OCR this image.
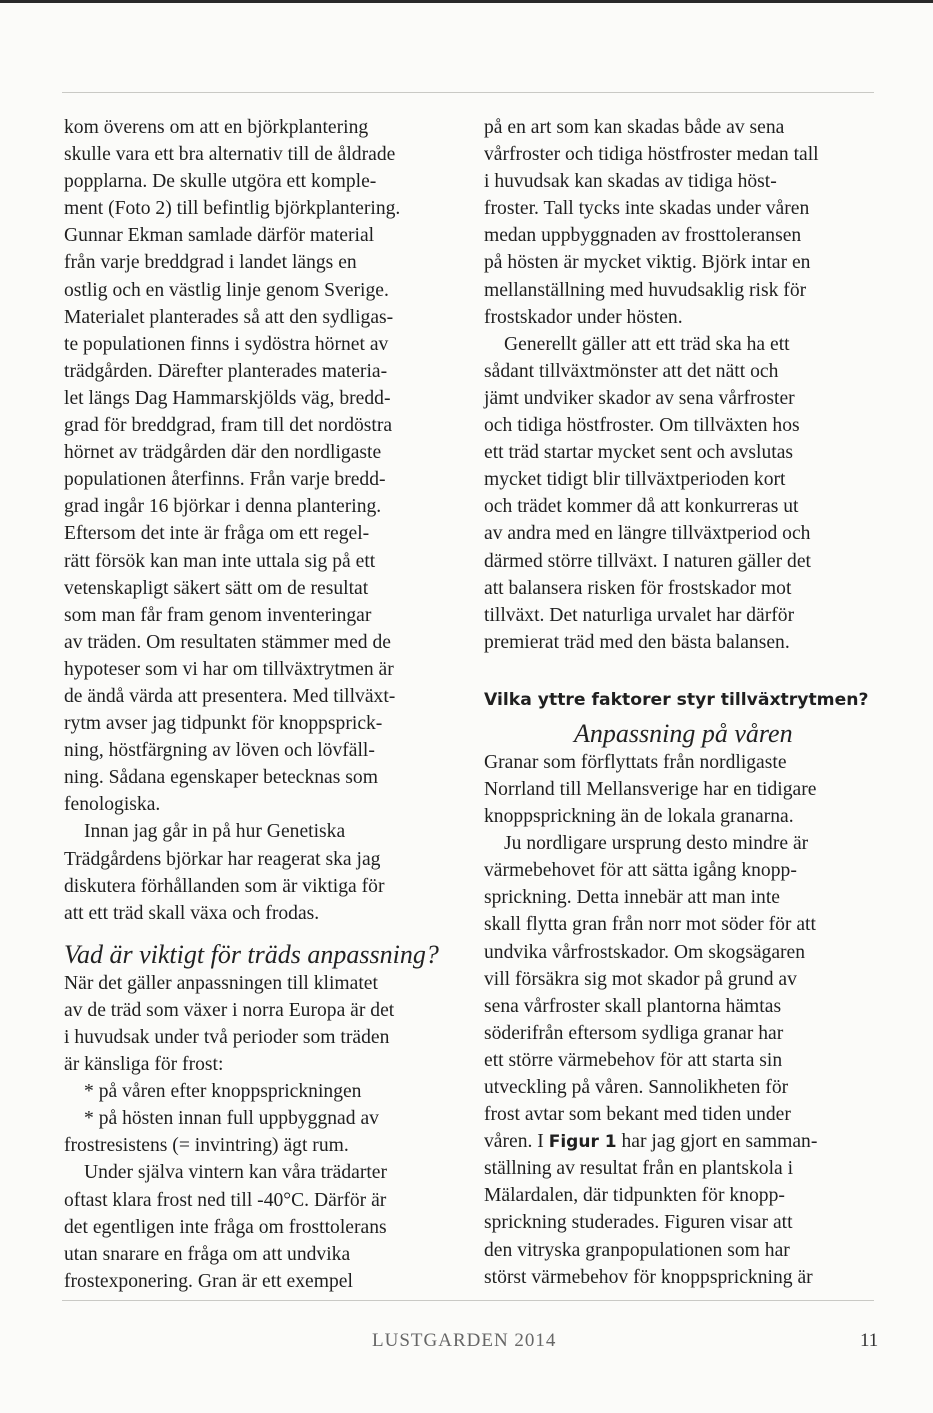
kom överens om att en björkplantering
skulle vara ett bra alternativ till de åldrade
popplarna. De skulle utgöra ett komple-
ment (Foto 2) till befintlig björkplantering.
Gunnar Ekman samlade därför material
från varje breddgrad i landet längs en
ostlig och en västlig linje genom Sverige.
Materialet planterades så att den sydligas-
te populationen finns i sydöstra hörnet av
trädgården. Därefter planterades materia-
let längs Dag Hammarskjölds väg, bredd-
grad för breddgrad, fram till det nordöstra
hörnet av trädgården där den nordligaste
populationen återfinns. Från varje bredd-
grad ingår 16 björkar i denna plantering.
Eftersom det inte är fråga om ett regel-
rätt försök kan man inte uttala sig på ett
vetenskapligt säkert sätt om de resultat
som man får fram genom inventeringar
av träden. Om resultaten stämmer med de
hypoteser som vi har om tillväxtrytmen är
de ändå värda att presentera. Med tillväxt-
rytm avser jag tidpunkt för knoppsprick-
ning, höstfärgning av löven och lövfäll-
ning. Sådana egenskaper betecknas som
fenologiska.
Innan jag går in på hur Genetiska
Trädgårdens björkar har reagerat ska jag
diskutera förhållanden som är viktiga för
att ett träd skall växa och frodas.
Vad är viktigt för träds anpassning?
När det gäller anpassningen till klimatet
av de träd som växer i norra Europa är det
i huvudsak under två perioder som träden
är känsliga för frost:
* på våren efter knoppsprickningen
* på hösten innan full uppbyggnad av
frostresistens (= invintring) ägt rum.
Under själva vintern kan våra trädarter
oftast klara frost ned till -40°C. Därför är
det egentligen inte fråga om frosttolerans
utan snarare en fråga om att undvika
frostexponering. Gran är ett exempel
på en art som kan skadas både av sena
vårfroster och tidiga höstfroster medan tall
i huvudsak kan skadas av tidiga höst-
froster. Tall tycks inte skadas under våren
medan uppbyggnaden av frosttoleransen
på hösten är mycket viktig. Björk intar en
mellanställning med huvudsaklig risk för
frostskador under hösten.
Generellt gäller att ett träd ska ha ett
sådant tillväxtmönster att det nätt och
jämt undviker skador av sena vårfroster
och tidiga höstfroster. Om tillväxten hos
ett träd startar mycket sent och avslutas
mycket tidigt blir tillväxtperioden kort
och trädet kommer då att konkurreras ut
av andra med en längre tillväxtperiod och
därmed större tillväxt. I naturen gäller det
att balansera risken för frostskador mot
tillväxt. Det naturliga urvalet har därför
premierat träd med den bästa balansen.
Vilka yttre faktorer styr tillväxtrytmen?
Anpassning på våren
Granar som förflyttats från nordligaste
Norrland till Mellansverige har en tidigare
knoppsprickning än de lokala granarna.
Ju nordligare ursprung desto mindre är
värmebehovet för att sätta igång knopp-
sprickning. Detta innebär att man inte
skall flytta gran från norr mot söder för att
undvika vårfrostskador. Om skogsägaren
vill försäkra sig mot skador på grund av
sena vårfroster skall plantorna hämtas
söderifrån eftersom sydliga granar har
ett större värmebehov för att starta sin
utveckling på våren. Sannolikheten för
frost avtar som bekant med tiden under
våren. I Figur 1 har jag gjort en samman-
ställning av resultat från en plantskola i
Mälardalen, där tidpunkten för knopp-
sprickning studerades. Figuren visar att
den vitryska granpopulationen som har
störst värmebehov för knoppsprickning är
LUSTGARDEN 2014	11
